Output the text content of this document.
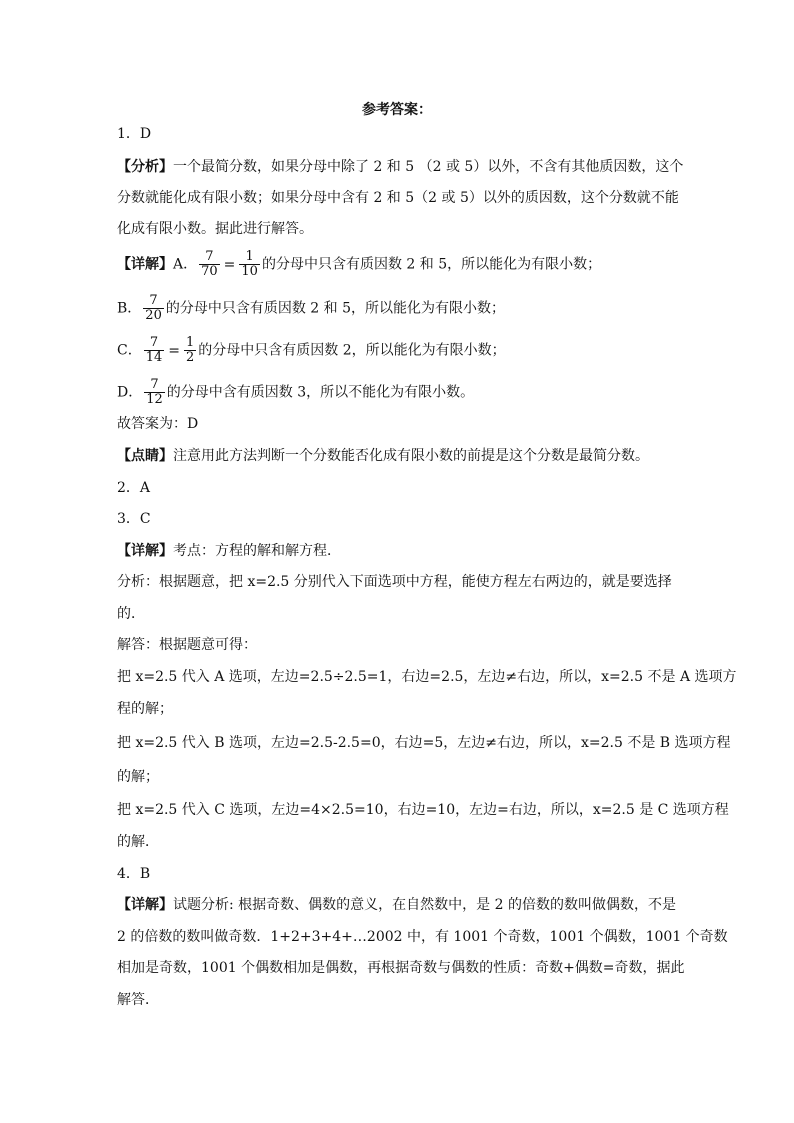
参考答案：
1．D
【分析】一个最简分数，如果分母中除了 2 和 5 （2 或 5）以外，不含有其他质因数，这个
分数就能化成有限小数；如果分母中含有 2 和 5（2 或 5）以外的质因数，这个分数就不能
化成有限小数。据此进行解答。
【详解】A． $\frac{7}{70} = \frac{1}{10}$ 的分母中只含有质因数 2 和 5，所以能化为有限小数；
B． $\frac{7}{20}$ 的分母中只含有质因数 2 和 5，所以能化为有限小数；
C． $\frac{7}{14} = \frac{1}{2}$ 的分母中只含有质因数 2，所以能化为有限小数；
D． $\frac{7}{12}$ 的分母中含有质因数 3，所以不能化为有限小数。
故答案为：D
【点睛】注意用此方法判断一个分数能否化成有限小数的前提是这个分数是最简分数。
2．A
3．C
【详解】考点：方程的解和解方程．
分析：根据题意，把 x=2.5 分别代入下面选项中方程，能使方程左右两边的，就是要选择
的．
解答：根据题意可得：
把 x=2.5 代入 A 选项，左边=2.5÷2.5=1，右边=2.5，左边≠右边，所以，x=2.5 不是 A 选项方
程的解；
把 x=2.5 代入 B 选项，左边=2.5-2.5=0，右边=5，左边≠右边，所以，x=2.5 不是 B 选项方程
的解；
把 x=2.5 代入 C 选项，左边=4×2.5=10，右边=10，左边=右边，所以，x=2.5 是 C 选项方程
的解．
4．B
【详解】试题分析: 根据奇数、偶数的意义，在自然数中，是 2 的倍数的数叫做偶数，不是
2 的倍数的数叫做奇数．1+2+3+4+…2002 中，有 1001 个奇数，1001 个偶数，1001 个奇数
相加是奇数，1001 个偶数相加是偶数，再根据奇数与偶数的性质：奇数+偶数=奇数，据此
解答．
